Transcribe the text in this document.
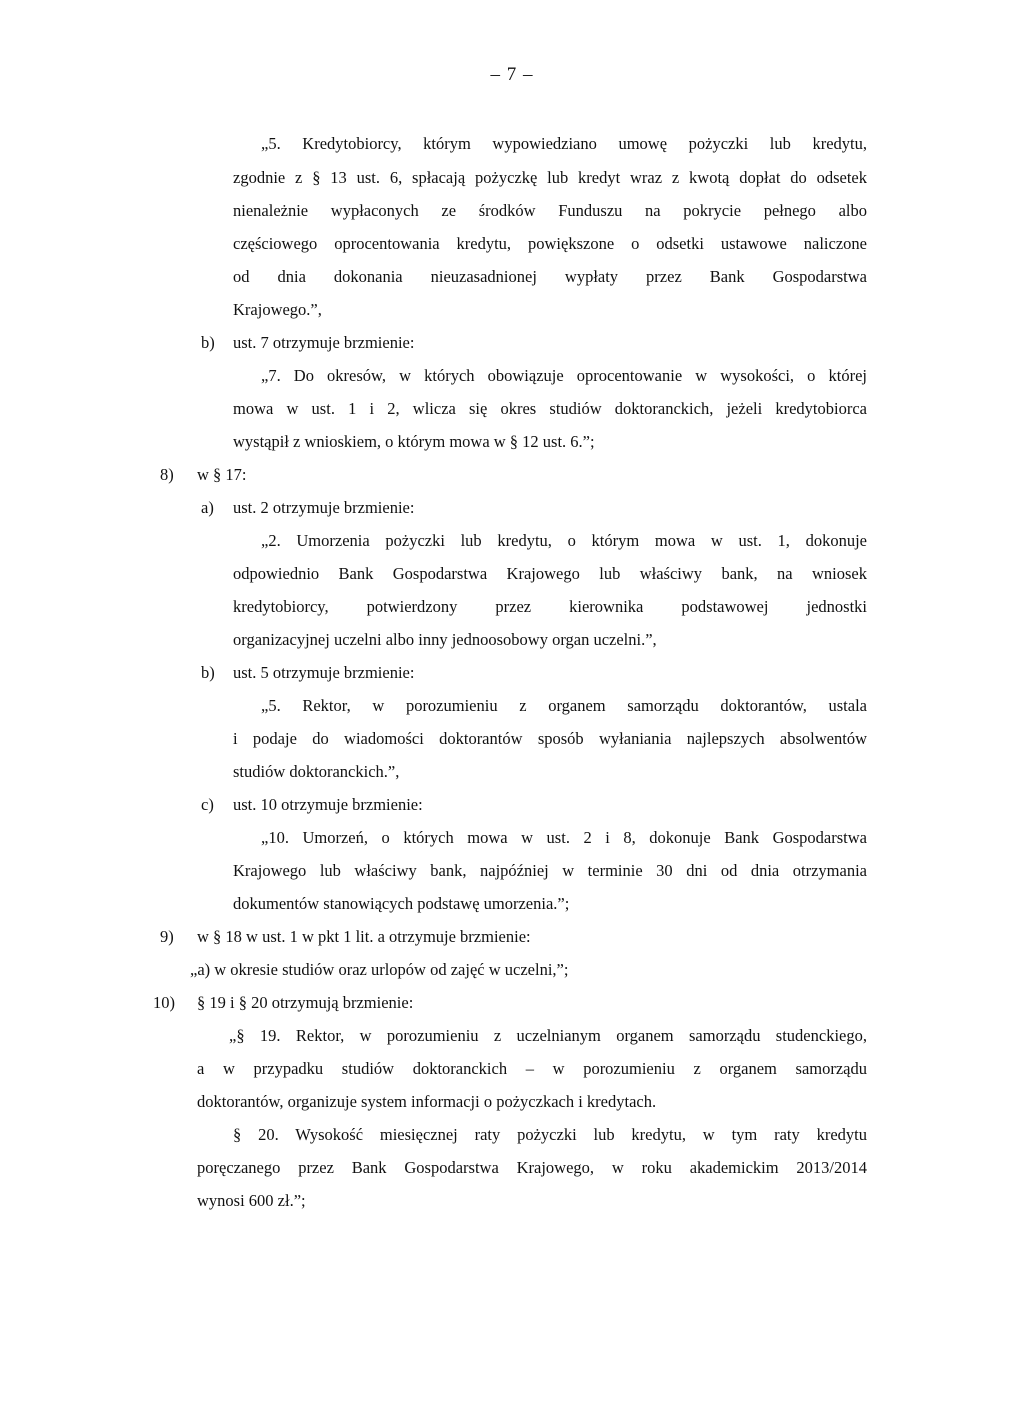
– 7 –
„5. Kredytobiorcy, którym wypowiedziano umowę pożyczki lub kredytu,
zgodnie z § 13 ust. 6, spłacają pożyczkę lub kredyt wraz z kwotą dopłat do odsetek
nienależnie wypłaconych ze środków Funduszu na pokrycie pełnego albo
częściowego oprocentowania kredytu, powiększone o odsetki ustawowe naliczone
od dnia dokonania nieuzasadnionej wypłaty przez Bank Gospodarstwa
Krajowego.”,
b) ust. 7 otrzymuje brzmienie:
„7. Do okresów, w których obowiązuje oprocentowanie w wysokości, o której
mowa w ust. 1 i 2, wlicza się okres studiów doktoranckich, jeżeli kredytobiorca
wystąpił z wnioskiem, o którym mowa w § 12 ust. 6.”;
8) w § 17:
a) ust. 2 otrzymuje brzmienie:
„2. Umorzenia pożyczki lub kredytu, o którym mowa w ust. 1, dokonuje
odpowiednio Bank Gospodarstwa Krajowego lub właściwy bank, na wniosek
kredytobiorcy, potwierdzony przez kierownika podstawowej jednostki
organizacyjnej uczelni albo inny jednoosobowy organ uczelni.”,
b) ust. 5 otrzymuje brzmienie:
„5. Rektor, w porozumieniu z organem samorządu doktorantów, ustala
i podaje do wiadomości doktorantów sposób wyłaniania najlepszych absolwentów
studiów doktoranckich.”,
c) ust. 10 otrzymuje brzmienie:
„10. Umorzeń, o których mowa w ust. 2 i 8, dokonuje Bank Gospodarstwa
Krajowego lub właściwy bank, najpóźniej w terminie 30 dni od dnia otrzymania
dokumentów stanowiących podstawę umorzenia.”;
9) w § 18 w ust. 1 w pkt 1 lit. a otrzymuje brzmienie:
„a) w okresie studiów oraz urlopów od zajęć w uczelni,”;
10) § 19 i § 20 otrzymują brzmienie:
„§ 19. Rektor, w porozumieniu z uczelnianym organem samorządu studenckiego,
a w przypadku studiów doktoranckich – w porozumieniu z organem samorządu
doktorantów, organizuje system informacji o pożyczkach i kredytach.
§ 20. Wysokość miesięcznej raty pożyczki lub kredytu, w tym raty kredytu
poręczanego przez Bank Gospodarstwa Krajowego, w roku akademickim 2013/2014
wynosi 600 zł.”;
